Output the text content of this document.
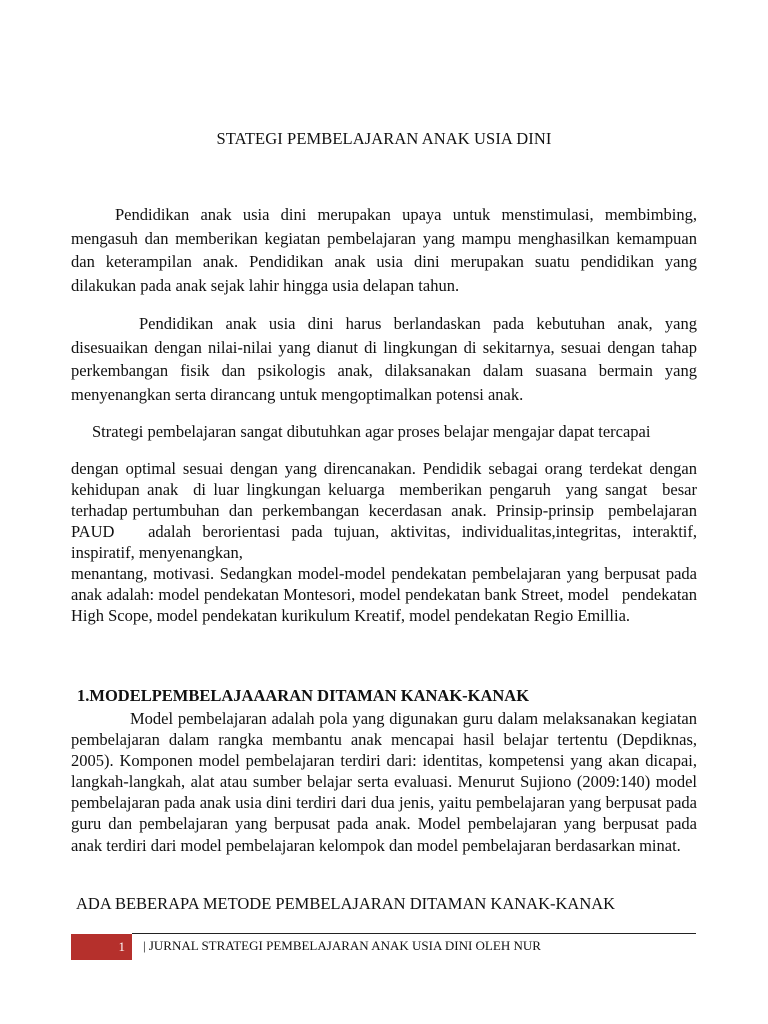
STATEGI PEMBELAJARAN ANAK USIA DINI

Pendidikan anak usia dini merupakan upaya untuk menstimulasi, membimbing, mengasuh dan memberikan kegiatan pembelajaran yang mampu menghasilkan kemampuan dan keterampilan anak. Pendidikan anak usia dini merupakan suatu pendidikan yang dilakukan pada anak sejak lahir hingga usia delapan tahun.

Pendidikan anak usia dini harus berlandaskan pada kebutuhan anak, yang disesuaikan dengan nilai-nilai yang dianut di lingkungan di sekitarnya, sesuai dengan tahap perkembangan fisik dan psikologis anak, dilaksanakan dalam suasana bermain yang menyenangkan serta dirancang untuk mengoptimalkan potensi anak.

Strategi pembelajaran sangat dibutuhkan agar proses belajar mengajar dapat tercapai

dengan optimal sesuai dengan yang direncanakan. Pendidik sebagai orang terdekat dengan kehidupan anak  di luar lingkungan keluarga  memberikan pengaruh  yang sangat  besar terhadap pertumbuhan  dan  perkembangan  kecerdasan  anak.  Prinsip-prinsip   pembelajaran   PAUD   adalah berorientasi pada tujuan, aktivitas, individualitas,integritas, interaktif, inspiratif, menyenangkan,

menantang, motivasi. Sedangkan model-model pendekatan pembelajaran yang berpusat pada anak adalah: model pendekatan Montesori, model pendekatan bank Street, model   pendekatan   High Scope, model pendekatan kurikulum Kreatif, model pendekatan Regio Emillia.

1.MODELPEMBELAJAAARAN DITAMAN KANAK-KANAK

Model pembelajaran adalah pola yang digunakan guru dalam melaksanakan kegiatan pembelajaran dalam rangka membantu anak mencapai hasil belajar tertentu (Depdiknas, 2005). Komponen model pembelajaran terdiri dari: identitas, kompetensi yang akan dicapai, langkah-langkah, alat atau sumber belajar serta evaluasi. Menurut Sujiono (2009:140) model pembelajaran pada anak usia dini terdiri dari dua jenis, yaitu pembelajaran yang berpusat pada guru dan pembelajaran yang berpusat pada anak. Model pembelajaran yang berpusat pada anak terdiri dari model pembelajaran kelompok dan model pembelajaran berdasarkan minat.

ADA BEBERAPA METODE PEMBELAJARAN DITAMAN KANAK-KANAK
1	| JURNAL STRATEGI PEMBELAJARAN ANAK USIA DINI OLEH NUR
